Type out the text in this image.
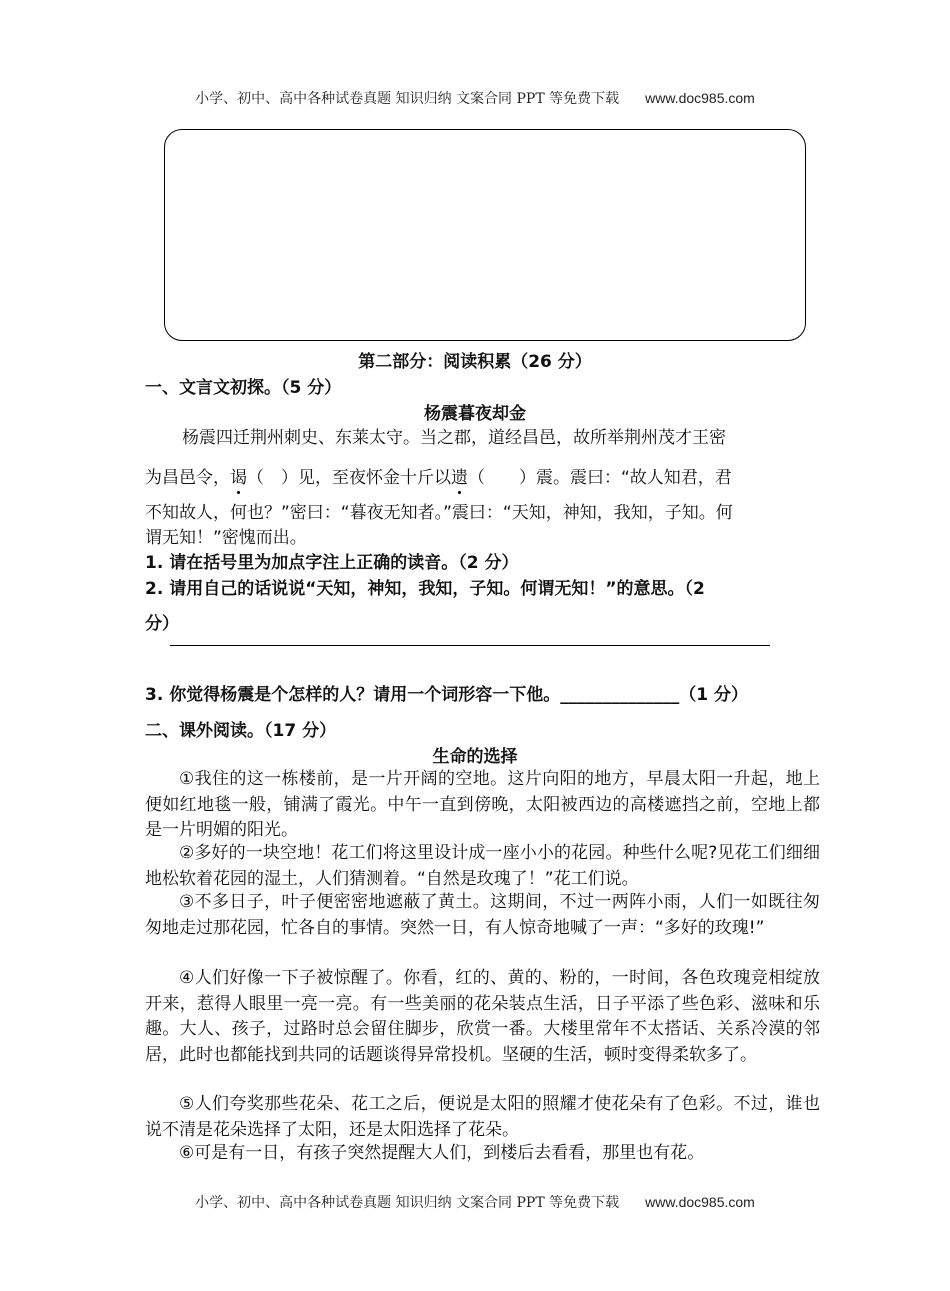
小学、初中、高中各种试卷真题 知识归纳 文案合同 PPT 等免费下载 www.doc985.com
第二部分：阅读积累（26 分）
一、文言文初探。（5 分）
杨震暮夜却金
杨震四迁荆州刺史、东莱太守。当之郡，道经昌邑，故所举荆州茂才王密
为昌邑令，谒（　）见，至夜怀金十斤以遗（　　）震。震曰：“故人知君，君
不知故人，何也？”密曰：“暮夜无知者。”震曰：“天知，神知，我知，子知。何
谓无知！”密愧而出。
1. 请在括号里为加点字注上正确的读音。（2 分）
2. 请用自己的话说说“天知，神知，我知，子知。何谓无知！”的意思。（2
分）
3. 你觉得杨震是个怎样的人？请用一个词形容一下他。______________（1 分）
二、课外阅读。（17 分）
生命的选择
①我住的这一栋楼前，是一片开阔的空地。这片向阳的地方，早晨太阳一升起，地上便如红地毯一般，铺满了霞光。中午一直到傍晚，太阳被西边的高楼遮挡之前，空地上都是一片明媚的阳光。
②多好的一块空地！花工们将这里设计成一座小小的花园。种些什么呢?见花工们细细地松软着花园的湿土，人们猜测着。“自然是玫瑰了！”花工们说。
③不多日子，叶子便密密地遮蔽了黄土。这期间，不过一两阵小雨，人们一如既往匆匆地走过那花园，忙各自的事情。突然一日，有人惊奇地喊了一声：“多好的玫瑰!”
④人们好像一下子被惊醒了。你看，红的、黄的、粉的，一时间，各色玫瑰竞相绽放开来，惹得人眼里一亮一亮。有一些美丽的花朵装点生活，日子平添了些色彩、滋味和乐趣。大人、孩子，过路时总会留住脚步，欣赏一番。大楼里常年不太搭话、关系冷漠的邻居，此时也都能找到共同的话题谈得异常投机。坚硬的生活，顿时变得柔软多了。
⑤人们夸奖那些花朵、花工之后，便说是太阳的照耀才使花朵有了色彩。不过，谁也说不清是花朵选择了太阳，还是太阳选择了花朵。
⑥可是有一日，有孩子突然提醒大人们，到楼后去看看，那里也有花。
小学、初中、高中各种试卷真题 知识归纳 文案合同 PPT 等免费下载 www.doc985.com
